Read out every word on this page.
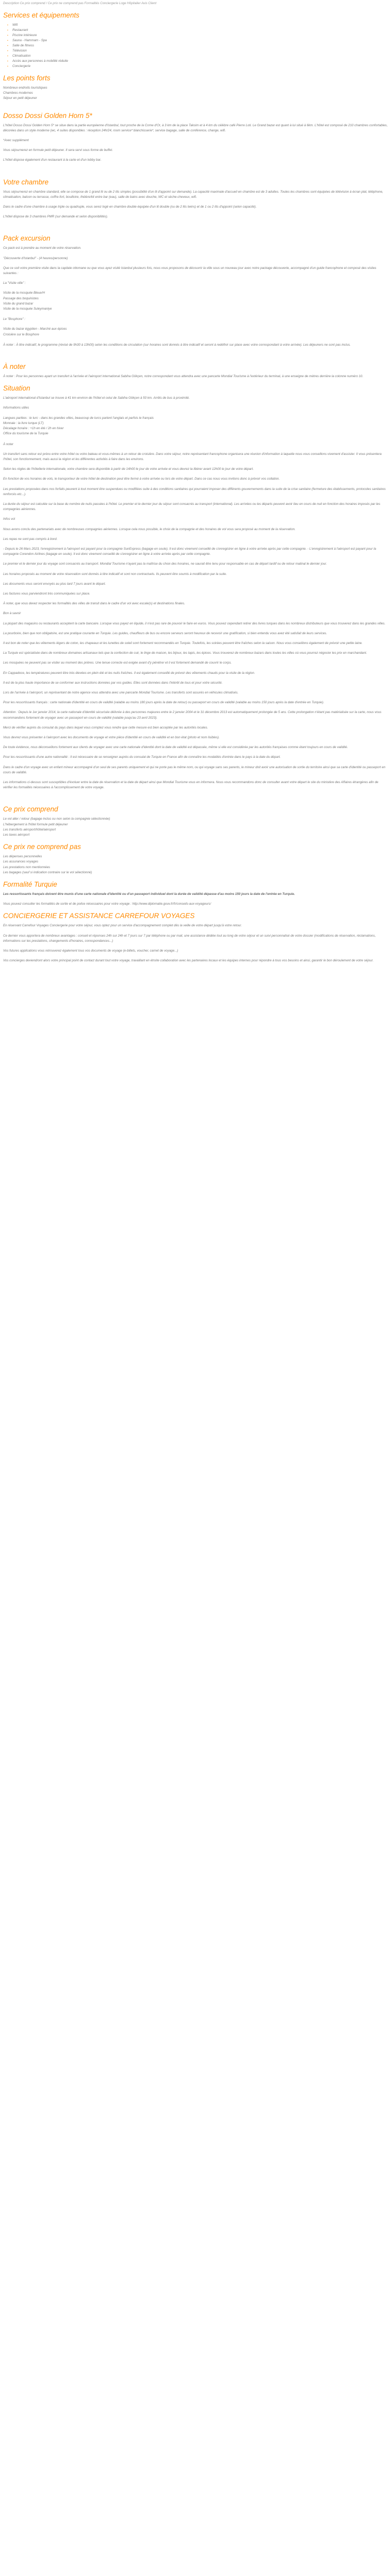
Description Ce prix comprend / Ce prix ne comprend pas Formalités Conciergerie Loge Hôpitalier Avis Client

Services et équipements
▪ Wifi
▪ Restaurant
▪ Piscine intérieure
▪ Sauna - Hammam - Spa
▪ Salle de fitness
▪ Télévision
▪ Climatisation
▪ Accès aux personnes à mobilité réduite
▪ Conciergerie
Les points forts

Nombreux endroits touristiques

Chambres modernes

Séjour en petit déjeuner

Dosso Dossi Golden Horn 5*

L'hôtel Dosso Dossi Golden Horn 5* se situe dans la partie européenne d'Istanbul, tout proche de la Corne d'Or, à 3 km de la place Taksim et à 4 km du célèbre café Pierre Loti. Le Grand bazar est quant à lui situé à 6km. L'hôtel est composé de 210 chambres confortables, décorées dans un style moderne (wc, 4 suites disponibles : réception 24h/24, room service* blanchisserie*, service bagage, salle de conférence, change, wifi.

*Avec supplément

Vous séjournerez en formule petit déjeuner. Il sera servi sous forme de buffet.

L'hôtel dispose également d'un restaurant à la carte et d'un lobby bar.

Votre chambre

Vous séjournerez en chambre standard, elle se compose de 1 grand lit ou de 2 lits simples (possibilité d'un lit d'appoint sur demande). La capacité maximale d'accueil en chambre est de 3 adultes. Toutes les chambres sont équipées de télévision à écran plat, téléphone, climatisation, balcon ou terrasse, coffre-fort, bouilloire, théière/kit entre bar (eau), salle de bains avec douche, WC et sèche-cheveux, wifi.

Dans le cadre d'une chambre à usage triple ou quadruple, vous serez logé en chambre double équipée d'un lit double (ou de 2 lits twins) et de 1 ou 2 lits d'appoint (selon capacité).

L'hôtel dispose de 3 chambres PMR (sur demande et selon disponibilités).

Pack excursion

Ce pack est à prendre au moment de votre réservation.

"Découverte d'Istanbul" - (4 heures/personne)

Que ce soit votre première visite dans la capitale ottomane ou que vous ayez visité Istanbul plusieurs fois, nous vous proposons de découvrir la ville sous un nouveau jour avec notre package découverte, accompagné d'un guide francophone et composé des visites suivantes :

La "Visite ville" :

Visite de la mosquée Bleue/H

Passage des boquinistes

Visite du grand bazar

Visite de la mosquée Suleymaniye

Le "Bosphore" :

Visite du bazar égyptien - Marché aux épices

Croisière sur le Bosphore

À noter : À titre indicatif, le programme (révisé de 9h30 à 13h00) selon les conditions de circulation (sur horaires sont donnés à titre indicatif et seront à redéfinir sur place avec votre correspondant à votre arrivée). Les déjeuners ne sont pas inclus.

À noter

À noter : Pour les personnes ayant un transfert à l'arrivée et l'aéroport international Sabiha Gökçen, notre correspondant vous attendra avec une pancarte Mondial Tourisme à l'extérieur du terminal, à une enseigne de mètres derrière la colonne numéro 10.

Situation

L'aéroport international d'Istanbul se trouve à 41 km environ de l'hôtel et celui de Sabiha Gökçen à 50 km. Arrêts de bus à proximité.

Informations utiles

Langues parlées : le turc - dans les grandes villes, beaucoup de turcs parlent l'anglais et parfois le français

Monnaie : la livre turque (LT)

Décalage horaire : +1h en été / 2h en hiver

Office du tourisme de la Turquie

À noter

Un transfert sans retour est prévu entre votre hôtel ou votre bateau et vous-mêmes à un retour de croisière. Dans votre séjour, notre représentant francophone organisera une réunion d'information à laquelle nous vous conseillons vivement d'assister. Il vous présentera l'hôtel, son fonctionnement, mais aussi la région et les différentes activités à faire dans les environs.

Selon les règles de l'hôtellerie internationale, votre chambre sera disponible à partir de 14h00 le jour de votre arrivée et vous devrez la libérer avant 12h00 le jour de votre départ.

En fonction de vos horaires de vols, le transporteur de votre hôtel de destination peut être fermé à votre arrivée ou lors de votre départ. Dans ce cas nous vous invitons donc à prévoir vos collation.

Les prestations proposées dans nos forfaits peuvent à tout moment être suspendues ou modifiées suite à des conditions sanitaires qui pourraient imposer des différents gouvernements dans la suite de la crise sanitaire (fermeture des établissements, protocoles sanitaires renforcés etc...).

La durée du séjour est calculée sur la base du nombre de nuits passées à l'hôtel. Le premier et le dernier jour du séjour sont consacrés au transport (international). Les arrivées ou les départs peuvent avoir lieu en cours de nuit en fonction des horaires imposés par les compagnies aériennes.

Infos vol

Nous avons conclu des partenariats avec de nombreuses compagnies aériennes. Lorsque cela nous possible, le choix de la compagnie et des horaires de vol vous sera proposé au moment de la réservation.

Les repas ne sont pas compris à bord.

- Depuis le 26 Mars 2023, l'enregistrement à l'aéroport est payant pour la compagnie SunExpress (bagage en soute). Il est donc vivement conseillé de s'enregistrer en ligne à votre arrivée après par cette compagnie. - L'enregistrement à l'aéroport est payant pour la compagnie Corendon Airlines (bagage en soute). Il est donc vivement conseillé de s'enregistrer en ligne à votre arrivée après par cette compagnie.

Le premier et le dernier jour du voyage sont consacrés au transport. Mondial Tourisme n'ayant pas la maîtrise du choix des horaires, ne saurait être tenu pour responsable en cas de départ tardif ou de retour matinal le dernier jour.

Les horaires proposés au moment de votre réservation sont donnés à titre indicatif et sont non contractuels. Ils peuvent être soumis à modification par la suite.

Les documents vous seront envoyés au plus tard 7 jours avant le départ.

Les factures vous parviendront très communiquées sur place.

À noter, que vous devez respecter les formalités des villes de transit dans le cadre d'un vol avec escale(s) et destinations finales.

Bon à savoir

La plupart des magasins ou restaurants acceptent la carte bancaire. Lorsque vous payez en liquide, il n'est pas rare de pouvoir le faire en euros. Vous pouvez cependant retirer des livres turques dans les nombreux distributeurs que vous trouverez dans les grandes villes.

La pourboire, bien que non obligatoire, est une pratique courante en Turquie. Les guides, chauffeurs de bus ou encore serveurs seront heureux de recevoir une gratification, si bien entendu vous avez été satisfait de leurs services.

Il est bon de noter que les vêtements légers de coton, les chapeaux et les lunettes de soleil sont fortement recommandés en Turquie. Toutefois, les soirées peuvent être fraîches selon la saison. Nous vous conseillons également de prévoir une petite laine.

La Turquie est spécialisée dans de nombreux domaines artisanaux tels que la confection de cuir, le linge de maison, les bijoux, les tapis, les épices. Vous trouverez de nombreux bazars dans toutes les villes où vous pourrez négocier les prix en marchandant.

Les mosquées ne peuvent pas se visiter au moment des prières. Une tenue correcte est exigée avant d'y pénétrer et il est fortement demandé de couvrir le corps.

En Cappadoce, les températures peuvent être très élevées en plein été et les nuits fraîches. Il est également conseillé de prévoir des vêtements chauds pour la visite de la région.

Il est de la plus haute importance de se conformer aux instructions données par vos guides. Elles sont données dans l'intérêt de tous et pour votre sécurité.

Lors de l'arrivée à l'aéroport, un représentant de notre agence vous attendra avec une pancarte Mondial Tourisme. Les transferts sont assurés en véhicules climatisés.

Pour les ressortissants français : carte nationale d'identité en cours de validité (valable au moins 180 jours après la date de retour) ou passeport en cours de validité (valable au moins 150 jours après la date d'entrée en Turquie).

Attention : Depuis le 1er janvier 2014, la carte nationale d'identité sécurisée délivrée à des personnes majeures entre le 2 janvier 2004 et le 31 décembre 2013 est automatiquement prolongée de 5 ans. Cette prolongation n'étant pas matérialisée sur la carte, nous vous recommandons fortement de voyager avec un passeport en cours de validité (valable jusqu'au 23 avril 2023).

Merci de vérifier auprès du consulat du pays dans lequel vous comptez vous rendre que cette mesure est bien acceptée par les autorités locales.

Vous devrez vous présenter à l'aéroport avec les documents de voyage et votre pièce d'identité en cours de validité et en bon état (photo et nom lisibles).

De toute évidence, nous déconseillons fortement aux clients de voyager avec une carte nationale d'identité dont la date de validité est dépassée, même si elle est considérée par les autorités françaises comme étant toujours en cours de validité.

Pour les ressortissants d'une autre nationalité : Il est nécessaire de se renseigner auprès du consulat de Turquie en France afin de connaître les modalités d'entrée dans le pays à la date du départ.

Dans le cadre d'un voyage avec un enfant mineur accompagné d'un seul de ses parents uniquement et qui ne porte pas le même nom, ou qui voyage sans ses parents, le mineur doit avoir une autorisation de sortie du territoire ainsi que sa carte d'identité ou passeport en cours de validité.

Les informations ci-dessus sont susceptibles d'évoluer entre la date de réservation et la date de départ ainsi que Mondial Tourisme vous en informera. Nous vous recommandons donc de consulter avant votre départ le site du ministère des Affaires étrangères afin de vérifier les formalités nécessaires à l'accomplissement de votre voyage.

Ce prix comprend

Le vol aller / retour (bagage inclus ou non selon la compagnie sélectionnée)

L'hébergement à l'hôtel formule petit déjeuner

Les transferts aéroport/hôtel/aéroport

Les taxes aéroport

Ce prix ne comprend pas

Les dépenses personnelles

Les assurances voyages

Les prestations non mentionnées

Les bagages (sauf si indication contraire sur le vol sélectionné)

Formalité Turquie

Les ressortissants français doivent être munis d'une carte nationale d'identité ou d'un passeport individuel dont la durée de validité dépasse d'au moins 150 jours la date de l'entrée en Turquie.

Vous pouvez consulter les formalités de sortie et de police nécessaires pour votre voyage : http://www.diplomatie.gouv.fr/fr/conseils-aux-voyageurs/

CONCIERGERIE ET ASSISTANCE CARREFOUR VOYAGES

En réservant Carrefour Voyages Conciergerie pour votre séjour, vous optez pour un service d'accompagnement complet dès la veille de votre départ jusqu'à votre retour.

Ce dernier vous apportera de nombreux avantages : conseil et réponses 24h sur 24h et 7 jours sur 7 par téléphone ou par mail, une assistance dédiée tout au long de votre séjour et un suivi personnalisé de votre dossier (modifications de réservation, réclamations, informations sur les prestations, changements d'horaires, correspondances...)

Vos futures applications vous retrouverez également tous vos documents de voyage (e-billets, voucher, carnet de voyage...)

Vos concierges deviendront alors votre principal point de contact durant tout votre voyage, travaillant en étroite collaboration avec les partenaires locaux et les équipes internes pour répondre à tous vos besoins et ainsi, garantir le bon déroulement de votre séjour.
